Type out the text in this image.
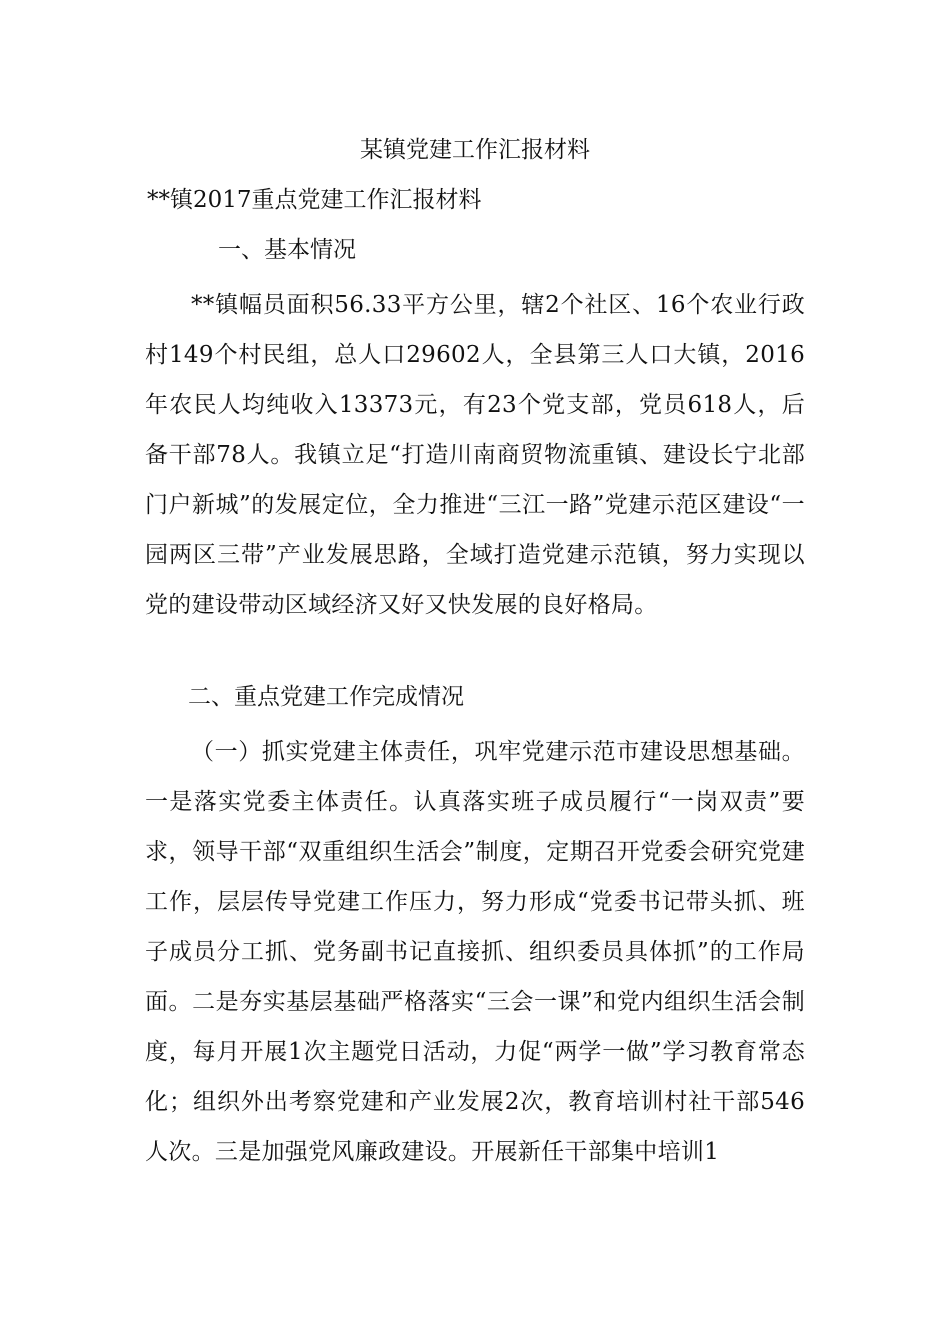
某镇党建工作汇报材料
**镇2017重点党建工作汇报材料
一、基本情况
**镇幅员面积56.33平方公里，辖2个社区、16个农业行政村149个村民组，总人口29602人，全县第三人口大镇，2016年农民人均纯收入13373元，有23个党支部，党员618人，后备干部78人。我镇立足“打造川南商贸物流重镇、建设长宁北部门户新城”的发展定位，全力推进“三江一路”党建示范区建设“一园两区三带”产业发展思路，全域打造党建示范镇，努力实现以党的建设带动区域经济又好又快发展的良好格局。
二、重点党建工作完成情况
（一）抓实党建主体责任，巩牢党建示范市建设思想基础。一是落实党委主体责任。认真落实班子成员履行“一岗双责”要求，领导干部“双重组织生活会”制度，定期召开党委会研究党建工作，层层传导党建工作压力，努力形成“党委书记带头抓、班子成员分工抓、党务副书记直接抓、组织委员具体抓”的工作局面。二是夯实基层基础严格落实“三会一课”和党内组织生活会制度，每月开展1次主题党日活动，力促“两学一做”学习教育常态化；组织外出考察党建和产业发展2次，教育培训村社干部546人次。三是加强党风廉政建设。开展新任干部集中培训1
